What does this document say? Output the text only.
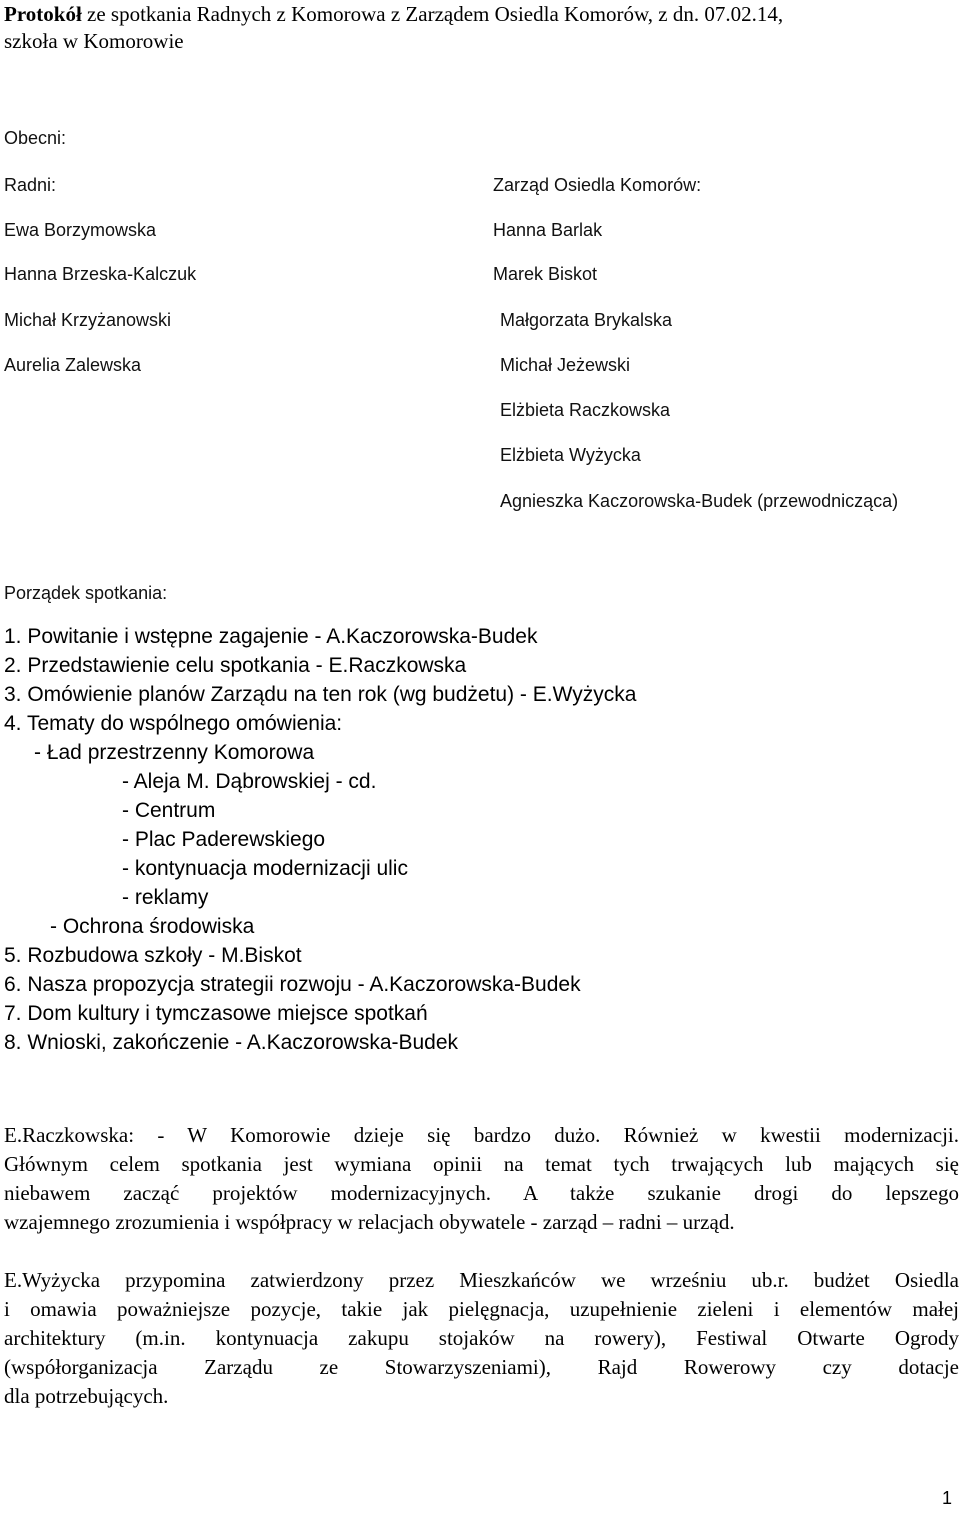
Protokół ze spotkania Radnych z Komorowa z Zarządem Osiedla Komorów, z dn. 07.02.14,
szkoła w Komorowie
Obecni:
Radni:
Ewa Borzymowska
Hanna Brzeska-Kalczuk
Michał Krzyżanowski
Aurelia Zalewska
Zarząd Osiedla Komorów:
Hanna Barlak
Marek Biskot
Małgorzata Brykalska
Michał Jeżewski
Elżbieta Raczkowska
Elżbieta Wyżycka
Agnieszka Kaczorowska-Budek (przewodnicząca)
Porządek spotkania:
1. Powitanie i wstępne zagajenie - A.Kaczorowska-Budek
2. Przedstawienie celu spotkania - E.Raczkowska
3. Omówienie planów Zarządu na ten rok (wg budżetu) - E.Wyżycka
4. Tematy do wspólnego omówienia:
- Ład przestrzenny Komorowa
- Aleja M. Dąbrowskiej - cd.
- Centrum
- Plac Paderewskiego
- kontynuacja modernizacji ulic
- reklamy
- Ochrona środowiska
5. Rozbudowa szkoły - M.Biskot
6. Nasza propozycja strategii rozwoju - A.Kaczorowska-Budek
7. Dom kultury i tymczasowe miejsce spotkań
8. Wnioski, zakończenie - A.Kaczorowska-Budek
E.Raczkowska: - W Komorowie dzieje się bardzo dużo. Również w kwestii modernizacji.
Głównym celem spotkania jest wymiana opinii na temat tych trwających lub mających się
niebawem zacząć projektów modernizacyjnych. A także szukanie drogi do lepszego
wzajemnego zrozumienia i współpracy w relacjach obywatele - zarząd – radni – urząd.
E.Wyżycka przypomina zatwierdzony przez Mieszkańców we wrześniu ub.r. budżet Osiedla
i omawia poważniejsze pozycje, takie jak pielęgnacja, uzupełnienie zieleni i elementów małej
architektury (m.in. kontynuacja zakupu stojaków na rowery), Festiwal Otwarte Ogrody
(współorganizacja Zarządu ze Stowarzyszeniami), Rajd Rowerowy czy dotacje
dla potrzebujących.
1
